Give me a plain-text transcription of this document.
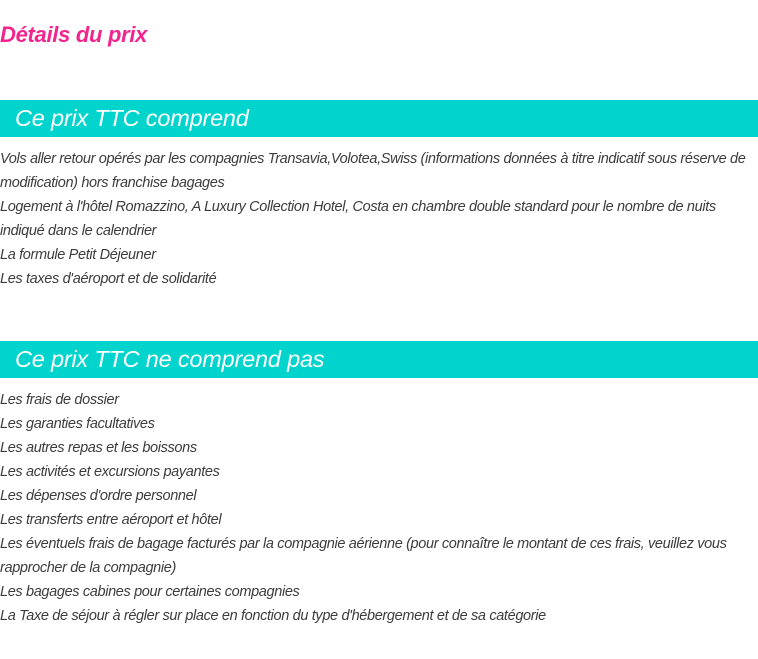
Détails du prix
Ce prix TTC comprend
Vols aller retour opérés par les compagnies Transavia,Volotea,Swiss (informations données à titre indicatif sous réserve de modification) hors franchise bagages
Logement à l'hôtel Romazzino, A Luxury Collection Hotel, Costa en chambre double standard pour le nombre de nuits indiqué dans le calendrier
La formule Petit Déjeuner
Les taxes d'aéroport et de solidarité
Ce prix TTC ne comprend pas
Les frais de dossier
Les garanties facultatives
Les autres repas et les boissons
Les activités et excursions payantes
Les dépenses d'ordre personnel
Les transferts entre aéroport et hôtel
Les éventuels frais de bagage facturés par la compagnie aérienne (pour connaître le montant de ces frais, veuillez vous rapprocher de la compagnie)
Les bagages cabines pour certaines compagnies
La Taxe de séjour à régler sur place en fonction du type d'hébergement et de sa catégorie
